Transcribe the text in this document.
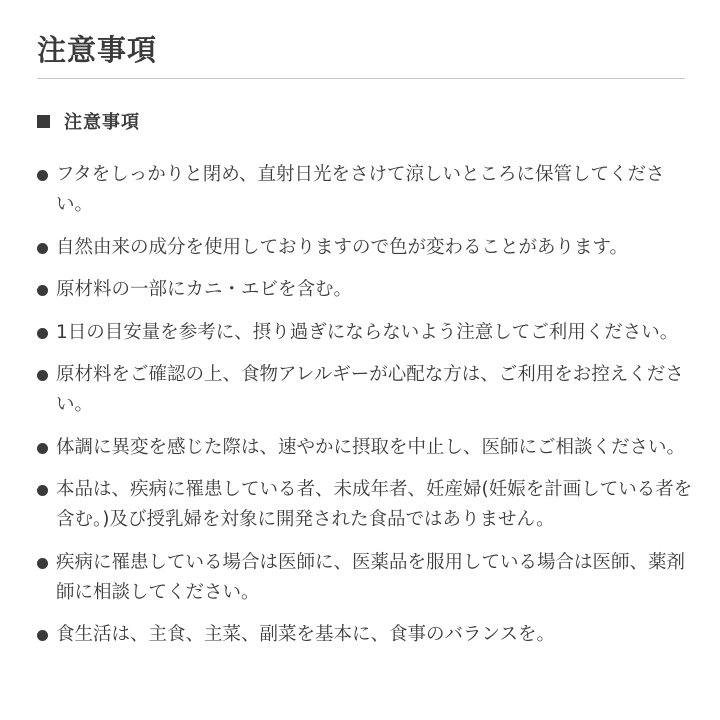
注意事項
注意事項
フタをしっかりと閉め、直射日光をさけて涼しいところに保管してください。
自然由来の成分を使用しておりますので色が変わることがあります。
原材料の一部にカニ・エビを含む。
1日の目安量を参考に、摂り過ぎにならないよう注意してご利用ください。
原材料をご確認の上、食物アレルギーが心配な方は、ご利用をお控えください。
体調に異変を感じた際は、速やかに摂取を中止し、医師にご相談ください。
本品は、疾病に罹患している者、未成年者、妊産婦(妊娠を計画している者を含む。)及び授乳婦を対象に開発された食品ではありません。
疾病に罹患している場合は医師に、医薬品を服用している場合は医師、薬剤師に相談してください。
食生活は、主食、主菜、副菜を基本に、食事のバランスを。
